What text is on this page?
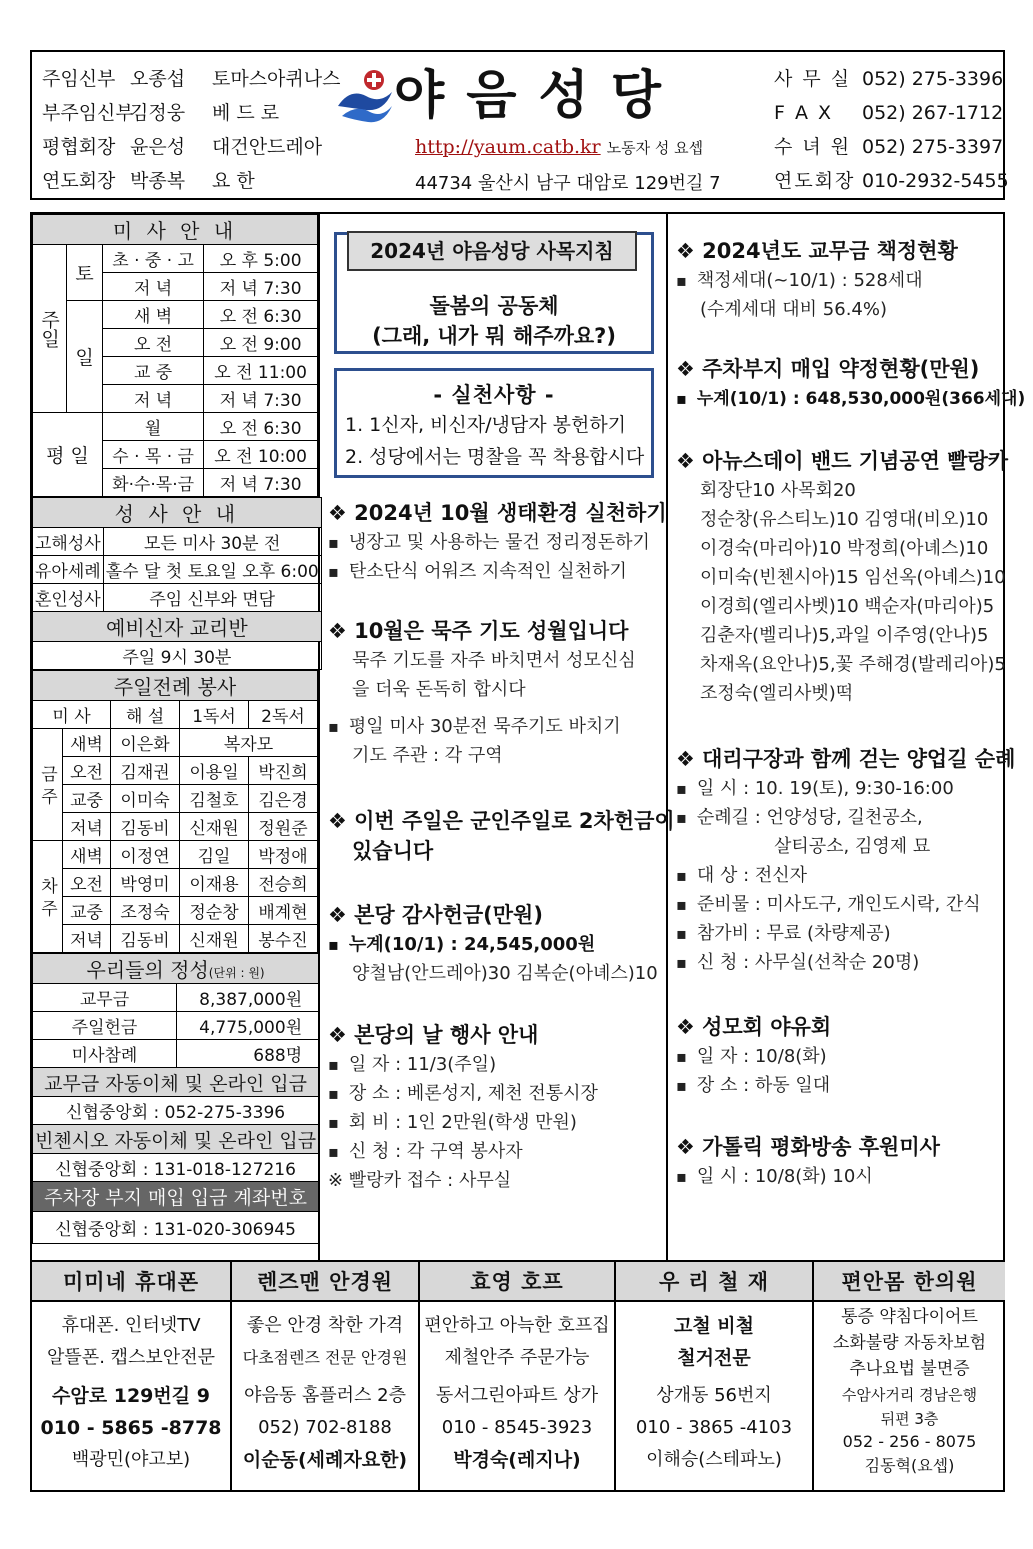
주임신부 오종섭 토마스아퀴나스
부주임신부김정웅 베 드 로
평협회장 윤은성 대건안드레아
연도회장 박종복 요 한
야음성당
http://yaum.catb.kr 노동자 성 요셉
44734 울산시 남구 대암로 129번길 7
사 무 실 052) 275-3396
F A X 052) 267-1712
수 녀 원 052) 275-3397
연도회장 010-2932-5455
미 사 안 내			
주일	토	초 · 중 · 고	오 후 5:00
		저 녁	저 녁 7:30
	일	새 벽	오 전 6:30
		오 전	오 전 9:00
		교 중	오 전 11:00
		저 녁	저 녁 7:30
평 일		월	오 전 6:30
		수 · 목 · 금	오 전 10:00
		화·수·목·금	저 녁 7:30
성 사 안 내	
고해성사	모든 미사 30분 전
유아세례	홀수 달 첫 토요일 오후 6:00
혼인성사	주임 신부와 면담
예비신자 교리반	
주일 9시 30분	
주일전례 봉사				
미 사		해 설	1독서	2독서
금 주	새벽	이은화	복자모	
	오전	김재권	이용일	박진희
	교중	이미숙	김철호	김은경
	저녁	김동비	신재원	정원준
차 주	새벽	이정연	김일	박정애
	오전	박영미	이재용	전승희
	교중	조정숙	정순창	배계현
	저녁	김동비	신재원	봉수진
우리들의 정성(단위 : 원)	
교무금	8,387,000원
주일헌금	4,775,000원
미사참례	688명
교무금 자동이체 및 온라인 입금	
신협중앙회 : 052-275-3396	
빈첸시오 자동이체 및 온라인 입금	
신협중앙회 : 131-018-127216	
주차장 부지 매입 입금 계좌번호	
신협중앙회 : 131-020-306945	
2024년 야음성당 사목지침
돌봄의 공동체
(그래, 내가 뭐 해주까요?)
- 실천사항 -
1. 1신자, 비신자/냉담자 봉헌하기
2. 성당에서는 명찰을 꼭 착용합시다
❖ 2024년 10월 생태환경 실천하기
▪ 냉장고 및 사용하는 물건 정리정돈하기
▪ 탄소단식 어워즈 지속적인 실천하기
❖ 10월은 묵주 기도 성월입니다
묵주 기도를 자주 바치면서 성모신심
을 더욱 돈독히 합시다
▪ 평일 미사 30분전 묵주기도 바치기
기도 주관 : 각 구역
❖ 이번 주일은 군인주일로 2차헌금이
있습니다
❖ 본당 감사헌금(만원)
▪ 누계(10/1) : 24,545,000원
양철남(안드레아)30 김복순(아녜스)10
❖ 본당의 날 행사 안내
▪ 일 자 : 11/3(주일)
▪ 장 소 : 베론성지, 제천 전통시장
▪ 회 비 : 1인 2만원(학생 만원)
▪ 신 청 : 각 구역 봉사자
※ 빨랑카 접수 : 사무실
❖ 2024년도 교무금 책정현황
▪ 책정세대(~10/1) : 528세대
(수계세대 대비 56.4%)
❖ 주차부지 매입 약정현황(만원)
▪ 누계(10/1) : 648,530,000원(366세대)
❖ 아뉴스데이 밴드 기념공연 빨랑카
회장단10 사목회20
정순창(유스티노)10 김영대(비오)10
이경숙(마리아)10 박정희(아녜스)10
이미숙(빈첸시아)15 임선옥(아녜스)10
이경희(엘리사벳)10 백순자(마리아)5
김춘자(벨리나)5,과일 이주영(안나)5
차재옥(요안나)5,꽃 주해경(발레리아)5
조정숙(엘리사벳)떡
❖ 대리구장과 함께 걷는 양업길 순례
▪ 일 시 : 10. 19(토), 9:30-16:00
▪ 순례길 : 언양성당, 길천공소,
살티공소, 김영제 묘
▪ 대 상 : 전신자
▪ 준비물 : 미사도구, 개인도시락, 간식
▪ 참가비 : 무료 (차량제공)
▪ 신 청 : 사무실(선착순 20명)
❖ 성모회 야유회
▪ 일 자 : 10/8(화)
▪ 장 소 : 하동 일대
❖ 가톨릭 평화방송 후원미사
▪ 일 시 : 10/8(화) 10시
미미네 휴대폰
휴대폰. 인터넷TV
알뜰폰. 캡스보안전문
수암로 129번길 9
010 - 5865 -8778
백광민(야고보)
렌즈맨 안경원
좋은 안경 착한 가격
다초점렌즈 전문 안경원
야음동 홈플러스 2층
052) 702-8188
이순동(세례자요한)
효영 호프
편안하고 아늑한 호프집
제철안주 주문가능
동서그린아파트 상가
010 - 8545-3923
박경숙(레지나)
우 리 철 재
고철 비철
철거전문
상개동 56번지
010 - 3865 -4103
이해승(스테파노)
편안몸 한의원
통증 약침다이어트
소화불량 자동차보험
추나요법 불면증
수암사거리 경남은행
뒤편 3층
052 - 256 - 8075
김동혁(요셉)
